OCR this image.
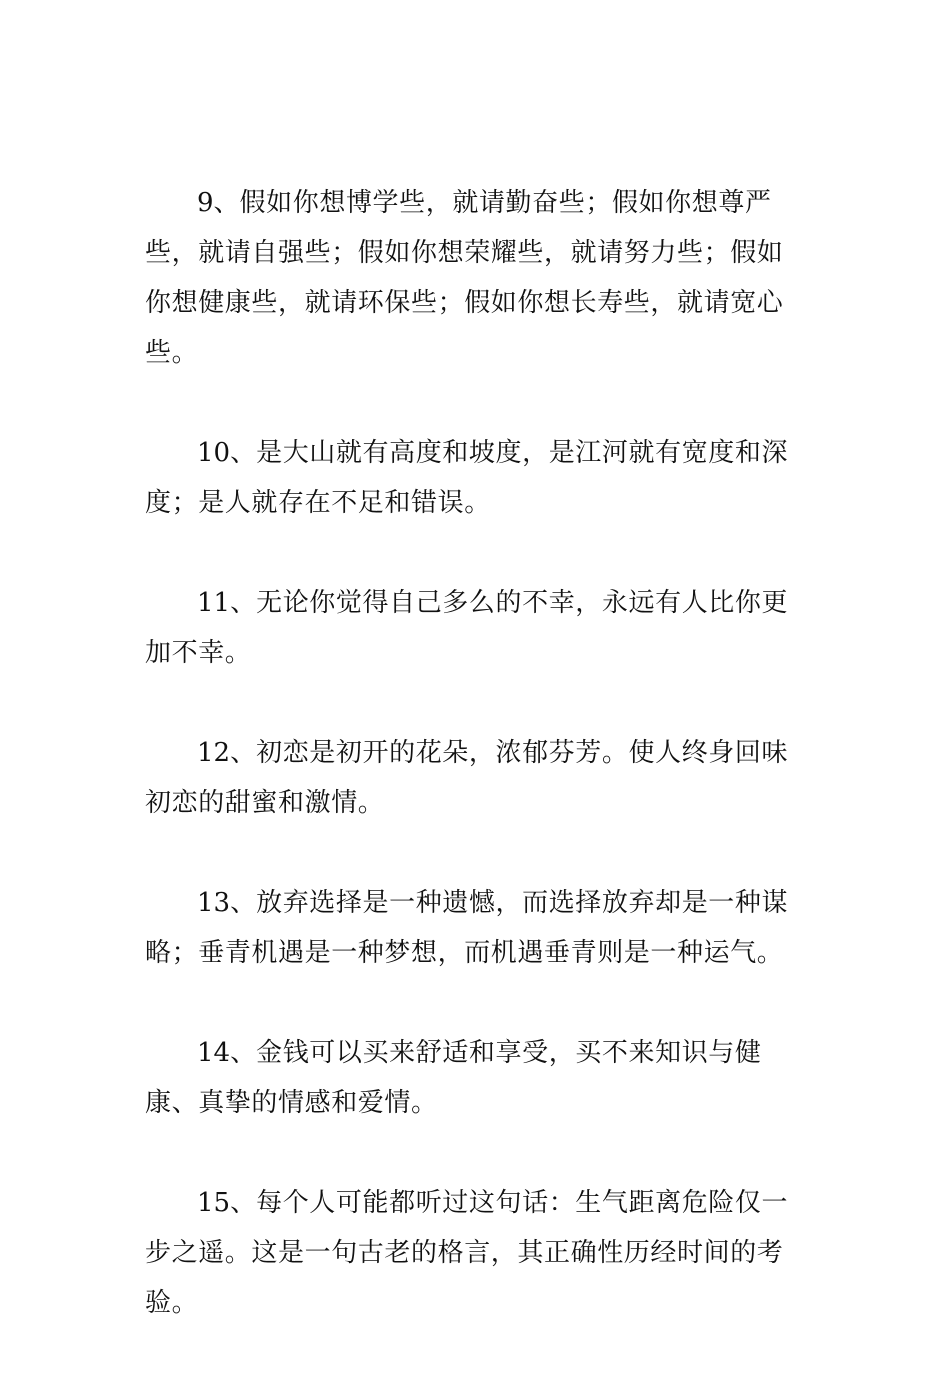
9、假如你想博学些，就请勤奋些；假如你想尊严些，就请自强些；假如你想荣耀些，就请努力些；假如你想健康些，就请环保些；假如你想长寿些，就请宽心些。

10、是大山就有高度和坡度，是江河就有宽度和深度；是人就存在不足和错误。

11、无论你觉得自己多么的不幸，永远有人比你更加不幸。

12、初恋是初开的花朵，浓郁芬芳。使人终身回味初恋的甜蜜和激情。

13、放弃选择是一种遗憾，而选择放弃却是一种谋略；垂青机遇是一种梦想，而机遇垂青则是一种运气。

14、金钱可以买来舒适和享受，买不来知识与健康、真挚的情感和爱情。

15、每个人可能都听过这句话：生气距离危险仅一步之遥。这是一句古老的格言，其正确性历经时间的考验。
